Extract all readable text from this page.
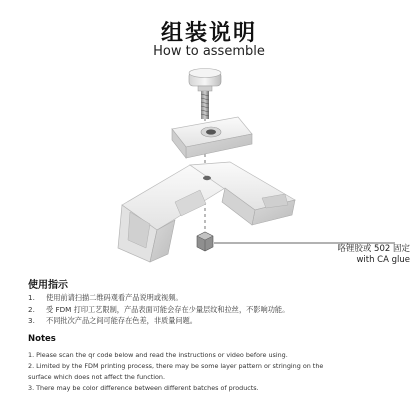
组装说明
How to assemble
咯锂胶或 502 固定
with CA glue
使用指示
1.	使用前请扫描二维码观看产品说明或视频。
2.	受 FDM 打印工艺限制，产品表面可能会存在少量层纹和拉丝，不影响功能。
3.	不同批次产品之间可能存在色差，非质量问题。
Notes
1. Please scan the qr code below and read the instructions or video before using.
2. Limited by the FDM printing process, there may be some layer pattern or stringing on the
surface which does not affect the function.
3. There may be color difference between different batches of products.
